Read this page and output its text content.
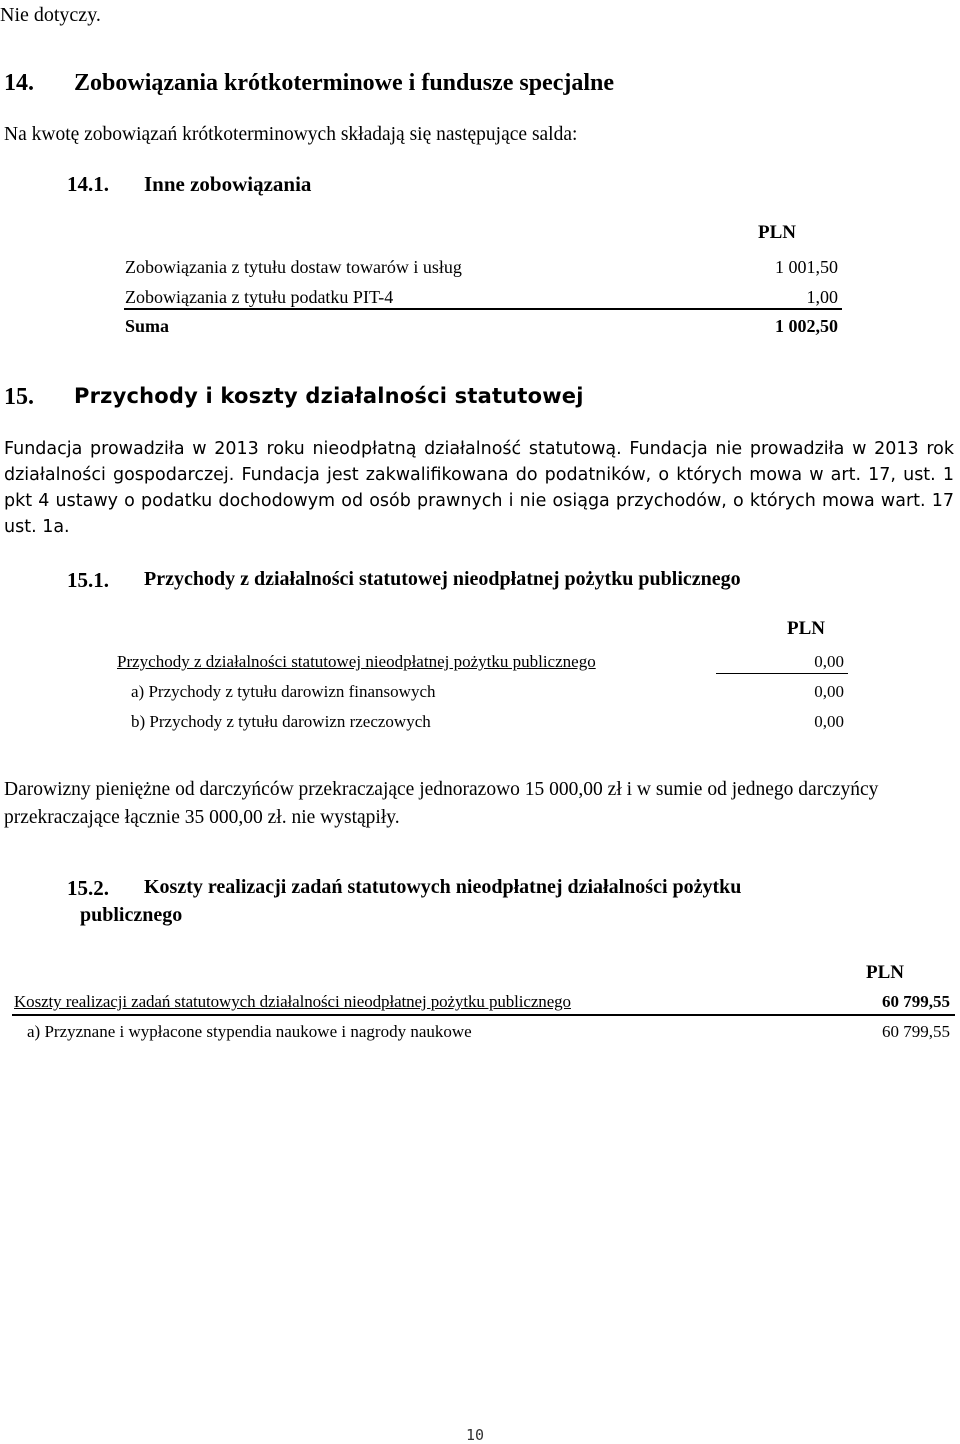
Nie dotyczy.
14. Zobowiązania krótkoterminowe i fundusze specjalne
Na kwotę zobowiązań krótkoterminowych składają się następujące salda:
14.1. Inne zobowiązania
PLN
Zobowiązania z tytułu dostaw towarów i usług	1 001,50
Zobowiązania z tytułu podatku PIT-4	1,00
Suma	1 002,50
15. Przychody i koszty działalności statutowej
Fundacja prowadziła w 2013 roku nieodpłatną działalność statutową. Fundacja nie prowadziła w 2013 rok działalności gospodarczej. Fundacja jest zakwalifikowana do podatników, o których mowa w art. 17, ust. 1 pkt 4 ustawy o podatku dochodowym od osób prawnych i nie osiąga przychodów, o których mowa wart. 17 ust. 1a.
15.1. Przychody z działalności statutowej nieodpłatnej pożytku publicznego
PLN
Przychody z działalności statutowej nieodpłatnej pożytku publicznego	0,00
a) Przychody z tytułu darowizn finansowych	0,00
b) Przychody z tytułu darowizn rzeczowych	0,00
Darowizny pieniężne od darczyńców przekraczające jednorazowo 15 000,00 zł i w sumie od jednego darczyńcy przekraczające łącznie 35 000,00 zł. nie wystąpiły.
15.2. Koszty realizacji zadań statutowych nieodpłatnej działalności pożytku
publicznego
PLN
Koszty realizacji zadań statutowych działalności nieodpłatnej pożytku publicznego	60 799,55
a) Przyznane i wypłacone stypendia naukowe i nagrody naukowe	60 799,55
10
